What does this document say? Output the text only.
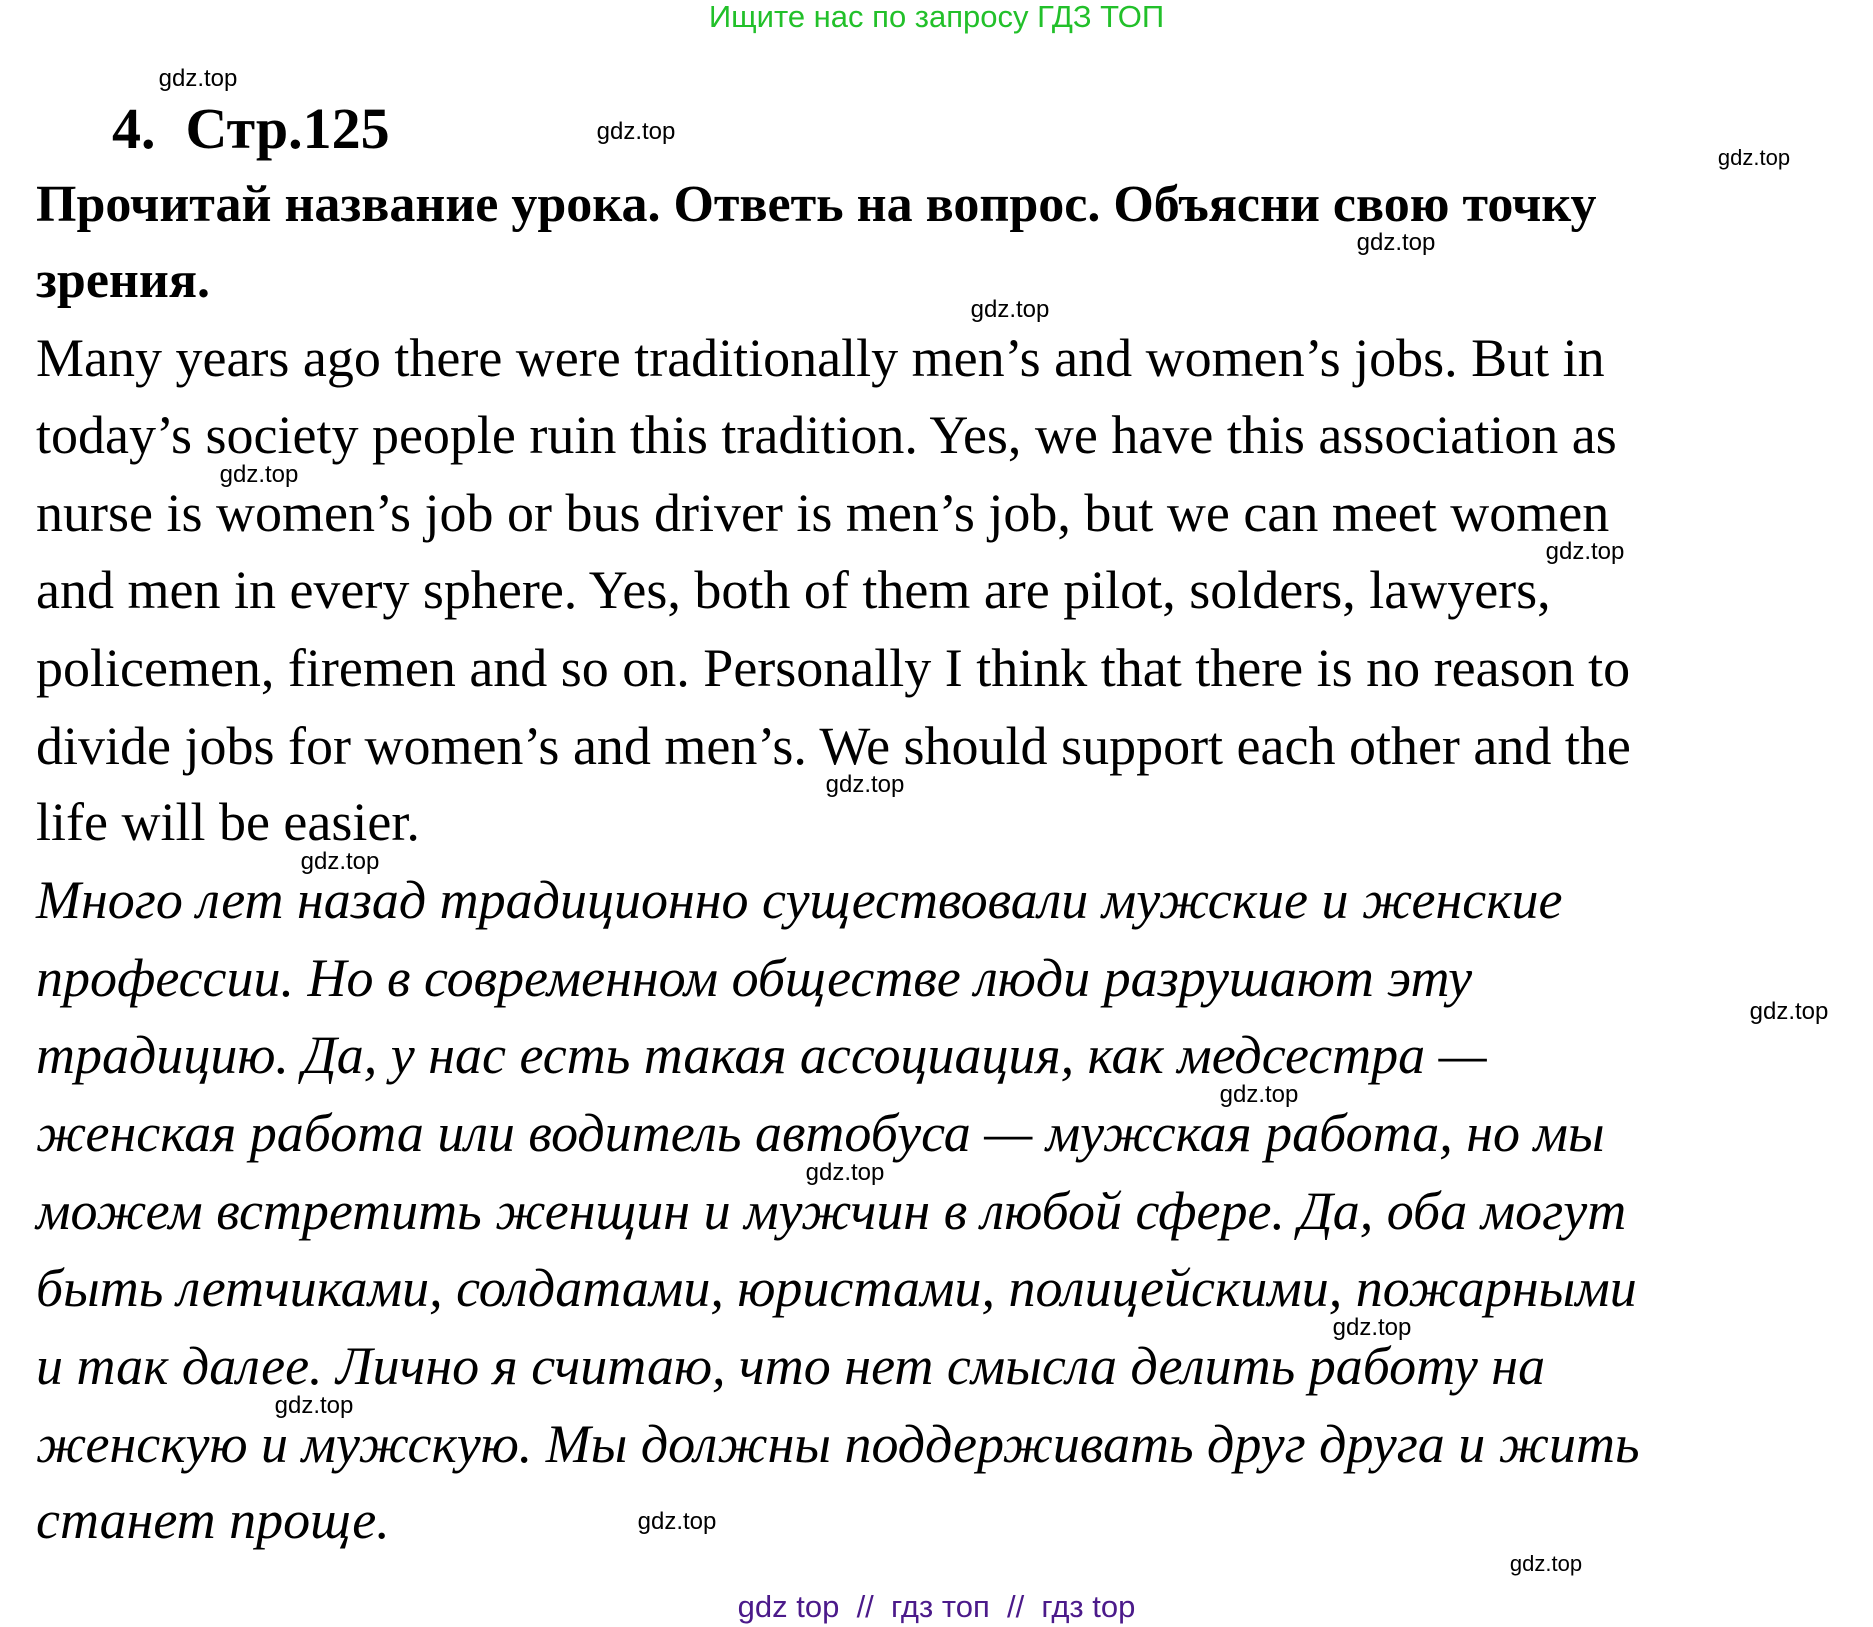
Ищите нас по запросу ГДЗ ТОП
4. Стр.125
Прочитай название урока. Ответь на вопрос. Объясни свою точку
зрения.
Many years ago there were traditionally men’s and women’s jobs. But in
today’s society people ruin this tradition. Yes, we have this association as
nurse is women’s job or bus driver is men’s job, but we can meet women
and men in every sphere. Yes, both of them are pilot, solders, lawyers,
policemen, firemen and so on. Personally I think that there is no reason to
divide jobs for women’s and men’s. We should support each other and the
life will be easier.
Много лет назад традиционно существовали мужские и женские
профессии. Но в современном обществе люди разрушают эту
традицию. Да, у нас есть такая ассоциация, как медсестра —
женская работа или водитель автобуса — мужская работа, но мы
можем встретить женщин и мужчин в любой сфере. Да, оба могут
быть летчиками, солдатами, юристами, полицейскими, пожарными
и так далее. Лично я считаю, что нет смысла делить работу на
женскую и мужскую. Мы должны поддерживать друг друга и жить
станет проще.
gdz.top
gdz.top
gdz.top
gdz.top
gdz.top
gdz.top
gdz.top
gdz.top
gdz.top
gdz.top
gdz.top
gdz.top
gdz.top
gdz.top
gdz.top
gdz.top
gdz top  //  гдз топ  //  гдз top
